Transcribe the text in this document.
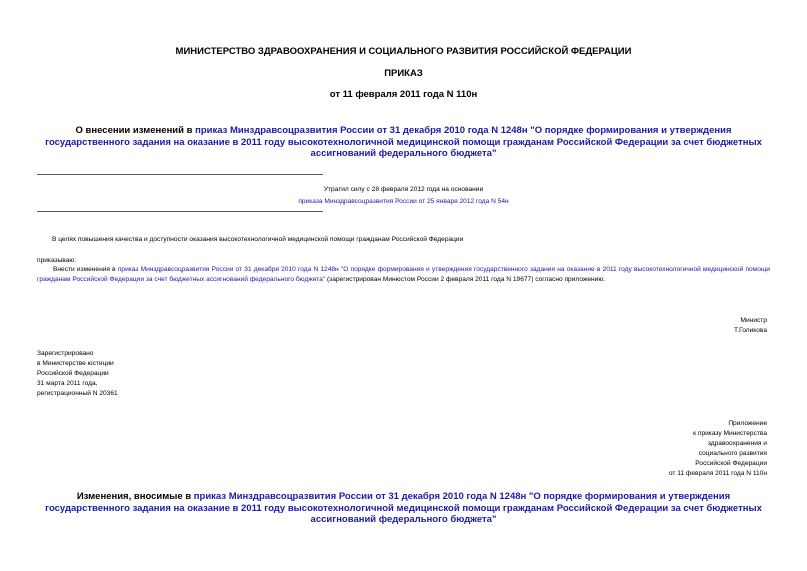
МИНИСТЕРСТВО ЗДРАВООХРАНЕНИЯ И СОЦИАЛЬНОГО РАЗВИТИЯ РОССИЙСКОЙ ФЕДЕРАЦИИ
ПРИКАЗ
от 11 февраля 2011 года N 110н
О внесении изменений в приказ Минздравсоцразвития России от 31 декабря 2010 года N 1248н "О порядке формирования и утверждения государственного задания на оказание в 2011 году высокотехнологичной медицинской помощи гражданам Российской Федерации за счет бюджетных ассигнований федерального бюджета"
Утратил силу с 28 февраля 2012 года на основании
приказа Минздравсоцразвития России от 25 января 2012 года N 54н
В целях повышения качества и доступности оказания высокотехнологичной медицинской помощи гражданам Российской Федерации
приказываю:
Внести изменения в приказ Минздравсоцразвития России от 31 декабря 2010 года N 1248н "О порядке формирования и утверждения государственного задания на оказание в 2011 году высокотехнологичной медицинской помощи гражданам Российской Федерации за счет бюджетных ассигнований федерального бюджета" (зарегистрирован Минюстом России 2 февраля 2011 года N 19677) согласно приложению.
Министр
Т.Голикова
Зарегистрировано
в Министерстве юстиции
Российской Федерации
31 марта 2011 года,
регистрационный N 20361
Приложение
к приказу Министерства
здравоохранения и
социального развития
Российской Федерации
от 11 февраля 2011 года N 110н
Изменения, вносимые в приказ Минздравсоцразвития России от 31 декабря 2010 года N 1248н "О порядке формирования и утверждения государственного задания на оказание в 2011 году высокотехнологичной медицинской помощи гражданам Российской Федерации за счет бюджетных ассигнований федерального бюджета"
